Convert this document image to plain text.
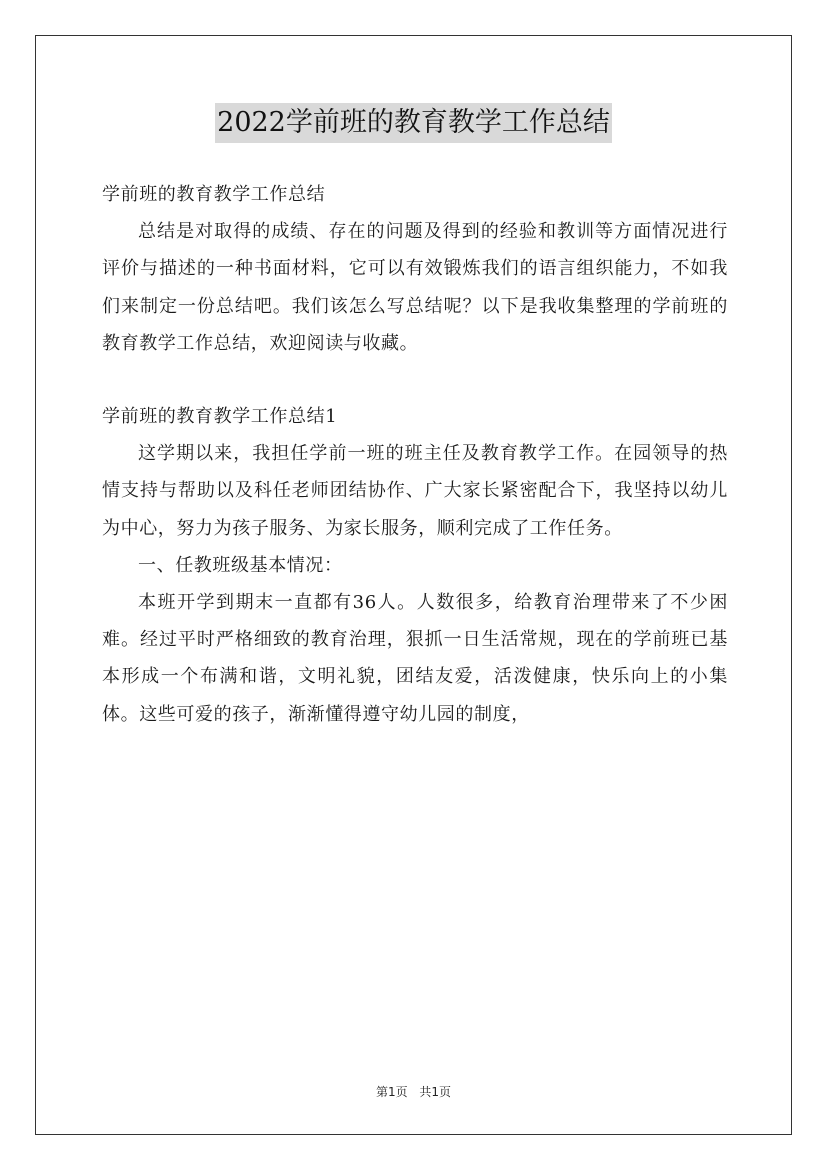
2022学前班的教育教学工作总结

学前班的教育教学工作总结

总结是对取得的成绩、存在的问题及得到的经验和教训等方面情况进行评价与描述的一种书面材料，它可以有效锻炼我们的语言组织能力，不如我们来制定一份总结吧。我们该怎么写总结呢？以下是我收集整理的学前班的教育教学工作总结，欢迎阅读与收藏。

学前班的教育教学工作总结1

这学期以来，我担任学前一班的班主任及教育教学工作。在园领导的热情支持与帮助以及科任老师团结协作、广大家长紧密配合下，我坚持以幼儿为中心，努力为孩子服务、为家长服务，顺利完成了工作任务。

一、任教班级基本情况：

本班开学到期末一直都有36人。人数很多，给教育治理带来了不少困难。经过平时严格细致的教育治理，狠抓一日生活常规，现在的学前班已基本形成一个布满和谐，文明礼貌，团结友爱，活泼健康，快乐向上的小集体。这些可爱的孩子，渐渐懂得遵守幼儿园的制度，

第1页 共1页
